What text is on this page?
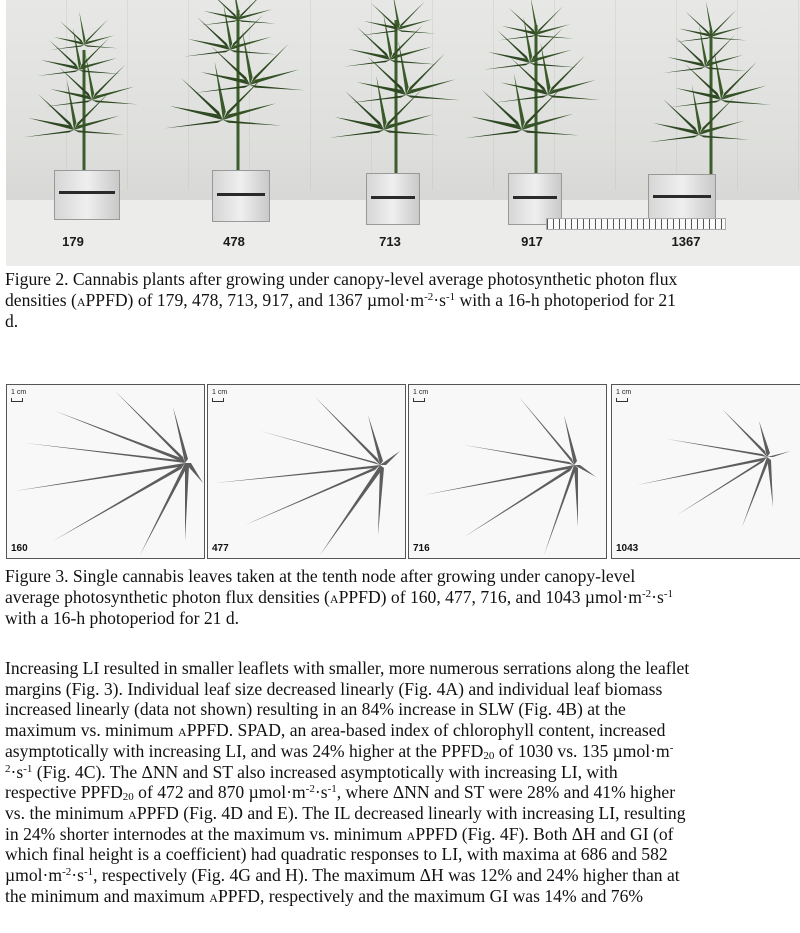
179	478	713	917	1367
Figure 2. Cannabis plants after growing under canopy-level average photosynthetic photon flux
densities (aPPFD) of 179, 478, 713, 917, and 1367 $\mu mol\cdot m^{-2}\cdot s^{-1}$ with a 16-h photoperiod for 21
d.
1 cm
160
1 cm
477
1 cm
716
1 cm
1043
Figure 3. Single cannabis leaves taken at the tenth node after growing under canopy-level
average photosynthetic photon flux densities (aPPFD) of 160, 477, 716, and 1043 $\mu mol\cdot m^{-2}\cdot s^{-1}$
with a 16-h photoperiod for 21 d.
Increasing LI resulted in smaller leaflets with smaller, more numerous serrations along the leaflet
margins (Fig. 3). Individual leaf size decreased linearly (Fig. 4A) and individual leaf biomass
increased linearly (data not shown) resulting in an 84% increase in SLW (Fig. 4B) at the
maximum vs. minimum aPPFD. SPAD, an area-based index of chlorophyll content, increased
asymptotically with increasing LI, and was 24% higher at the $PPFD_{20}$ of 1030 vs. 135 µmol·m-
$^2\cdot s^{-1}$ (Fig. 4C). The ΔNN and ST also increased asymptotically with increasing LI, with
respective $PPFD_{20}$ of 472 and 870 $\mu mol\cdot m^{-2}\cdot s^{-1}$, where ΔNN and ST were 28% and 41% higher
vs. the minimum aPPFD (Fig. 4D and E). The IL decreased linearly with increasing LI, resulting
in 24% shorter internodes at the maximum vs. minimum aPPFD (Fig. 4F). Both ΔH and GI (of
which final height is a coefficient) had quadratic responses to LI, with maxima at 686 and 582
$\mu mol\cdot m^{-2}\cdot s^{-1}$, respectively (Fig. 4G and H). The maximum ΔH was 12% and 24% higher than at
the minimum and maximum aPPFD, respectively and the maximum GI was 14% and 76%
